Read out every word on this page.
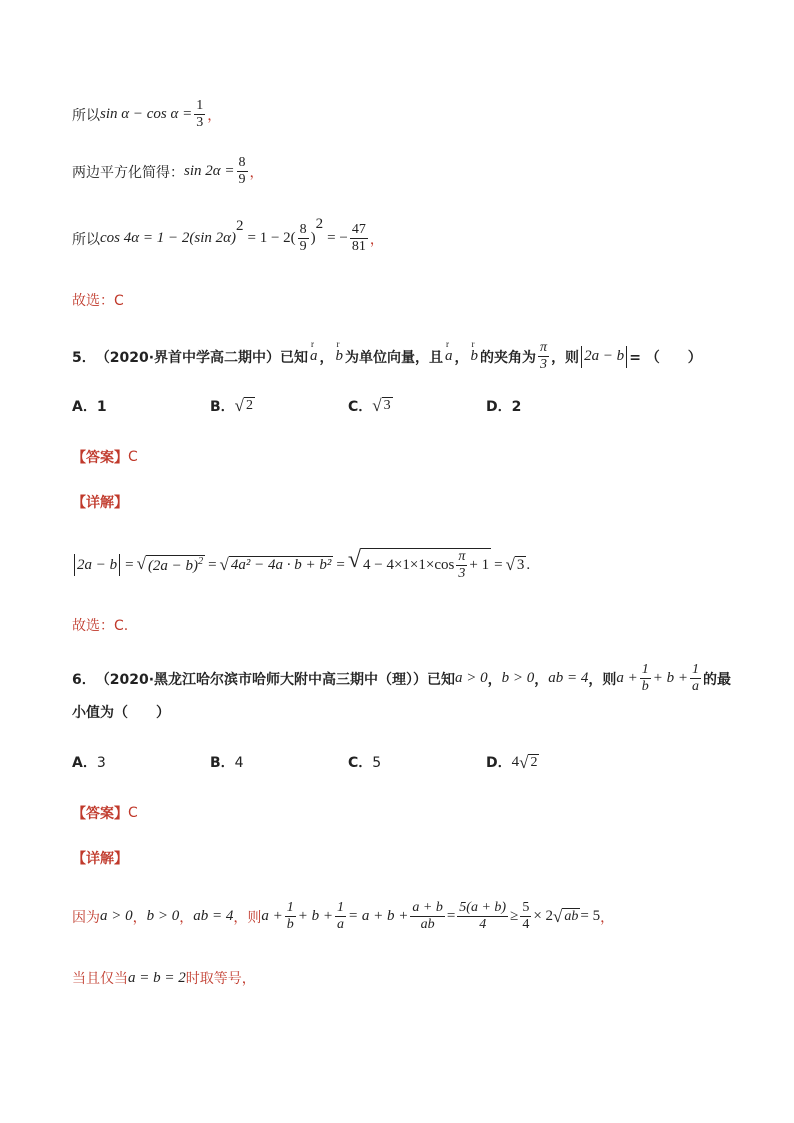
所以 $\sin \alpha - \cos \alpha = \frac{1}{3}$ ，
两边平方化简得： $\sin 2\alpha = \frac{8}{9}$ ，
所以 cos 4α = 1 − 2(sin 2α)
2
= $1 - 2( \frac{8}{9}$ )
2
= − $\frac{47}{81}$ ，
故选：C
5． （2020·界首中学高二期中） 已知 r a ， r b 为单位向量，且 r a ， r b 的夹角为 $\frac{\pi}{3}$ ，则 2a − b = （　　）
A．1	B． √ 2	C． √ 3	D．2
【答案】 C
【详解】
2a − b = √ $(2a - b)^2$ = √ 4a² − 4a · b + b² = √ $4 - 4\times 1\times 1\times\cos \frac{\pi}{3} + 1$ = √ 3 .
故选：C.
6． （2020·黑龙江哈尔滨市哈师大附中高三期中（理）） 已知 a > 0 ， b > 0 ， ab = 4 ，则 $a + \frac{1}{b} + b + \frac{1}{a}$ 的最
小值为（　　）
A．3	B．4	C．5	D． 4 √ 2
【答案】 C
【详解】
因为 a > 0 ， b > 0 ， ab = 4 ，则 $a + \frac{1}{b} + b + \frac{1}{a} = a + b + \frac{a + b}{ab} = \frac{5(a + b)}{4} \ge \frac{5}{4} \times 2$ √ ab = 5 ，
当且仅当 a = b = 2 时取等号，
